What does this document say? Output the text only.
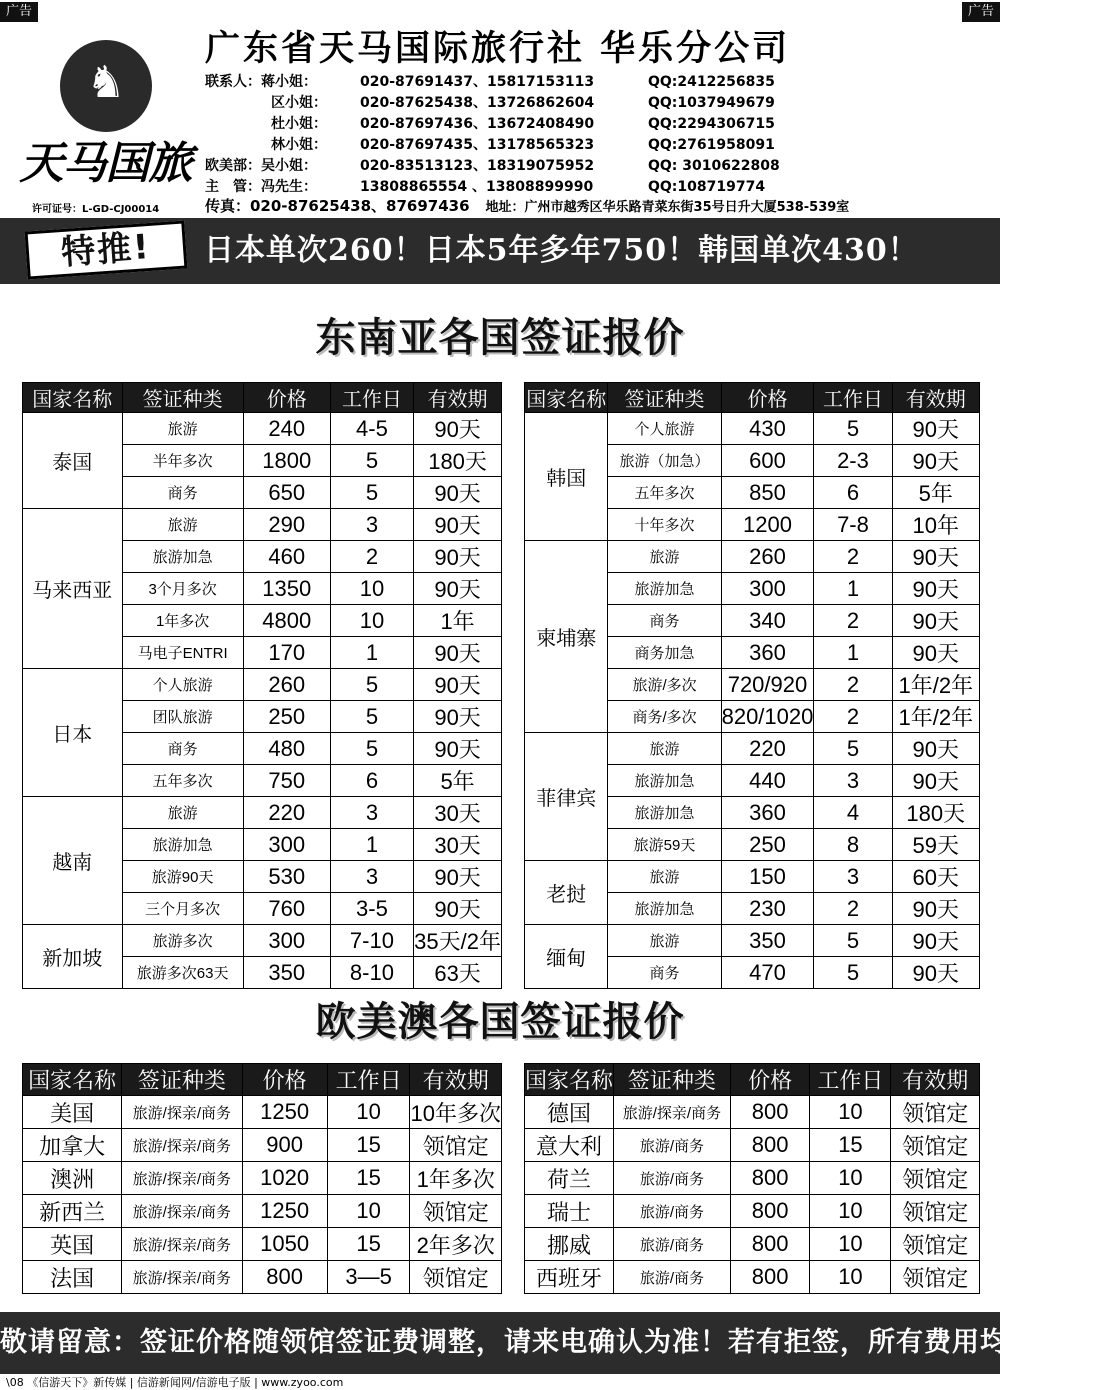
广告	广告
♞
天马国旅
许可证号：L-GD-CJ00014
广东省天马国际旅行社 华乐分公司
联系人：蒋小姐：	020-87691437、15817153113	QQ:2412256835
区小姐：	020-87625438、13726862604	QQ:1037949679
杜小姐：	020-87697436、13672408490	QQ:2294306715
林小姐：	020-87697435、13178565323	QQ:2761958091
欧美部：吴小姐：	020-83513123、18319075952	QQ: 3010622808
主　管：冯先生：	13808865554 、13808899990	QQ:108719774
传真：020-87625438、87697436 地址：广州市越秀区华乐路青菜东街35号日升大厦538-539室
特推!	日本单次260！日本5年多年750！韩国单次430！
东南亚各国签证报价
国家名称	签证种类	价格	工作日	有效期
泰国	旅游	240	4-5	90天
	半年多次	1800	5	180天
	商务	650	5	90天
马来西亚	旅游	290	3	90天
	旅游加急	460	2	90天
	3个月多次	1350	10	90天
	1年多次	4800	10	1年
	马电子ENTRI	170	1	90天
日本	个人旅游	260	5	90天
	团队旅游	250	5	90天
	商务	480	5	90天
	五年多次	750	6	5年
越南	旅游	220	3	30天
	旅游加急	300	1	30天
	旅游90天	530	3	90天
	三个月多次	760	3-5	90天
新加坡	旅游多次	300	7-10	35天/2年
	旅游多次63天	350	8-10	63天
国家名称	签证种类	价格	工作日	有效期
韩国	个人旅游	430	5	90天
	旅游（加急）	600	2-3	90天
	五年多次	850	6	5年
	十年多次	1200	7-8	10年
柬埔寨	旅游	260	2	90天
	旅游加急	300	1	90天
	商务	340	2	90天
	商务加急	360	1	90天
	旅游/多次	720/920	2	1年/2年
	商务/多次	820/1020	2	1年/2年
菲律宾	旅游	220	5	90天
	旅游加急	440	3	90天
	旅游加急	360	4	180天
	旅游59天	250	8	59天
老挝	旅游	150	3	60天
	旅游加急	230	2	90天
缅甸	旅游	350	5	90天
	商务	470	5	90天
欧美澳各国签证报价
国家名称	签证种类	价格	工作日	有效期
美国	旅游/探亲/商务	1250	10	10年多次
加拿大	旅游/探亲/商务	900	15	领馆定
澳洲	旅游/探亲/商务	1020	15	1年多次
新西兰	旅游/探亲/商务	1250	10	领馆定
英国	旅游/探亲/商务	1050	15	2年多次
法国	旅游/探亲/商务	800	3—5	领馆定
国家名称	签证种类	价格	工作日	有效期
德国	旅游/探亲/商务	800	10	领馆定
意大利	旅游/商务	800	15	领馆定
荷兰	旅游/商务	800	10	领馆定
瑞士	旅游/商务	800	10	领馆定
挪威	旅游/商务	800	10	领馆定
西班牙	旅游/商务	800	10	领馆定
敬请留意：签证价格随领馆签证费调整，请来电确认为准！若有拒签，所有费用均不予退还
\08 《信游天下》新传媒 | 信游新闻网/信游电子版 | www.zyoo.com
